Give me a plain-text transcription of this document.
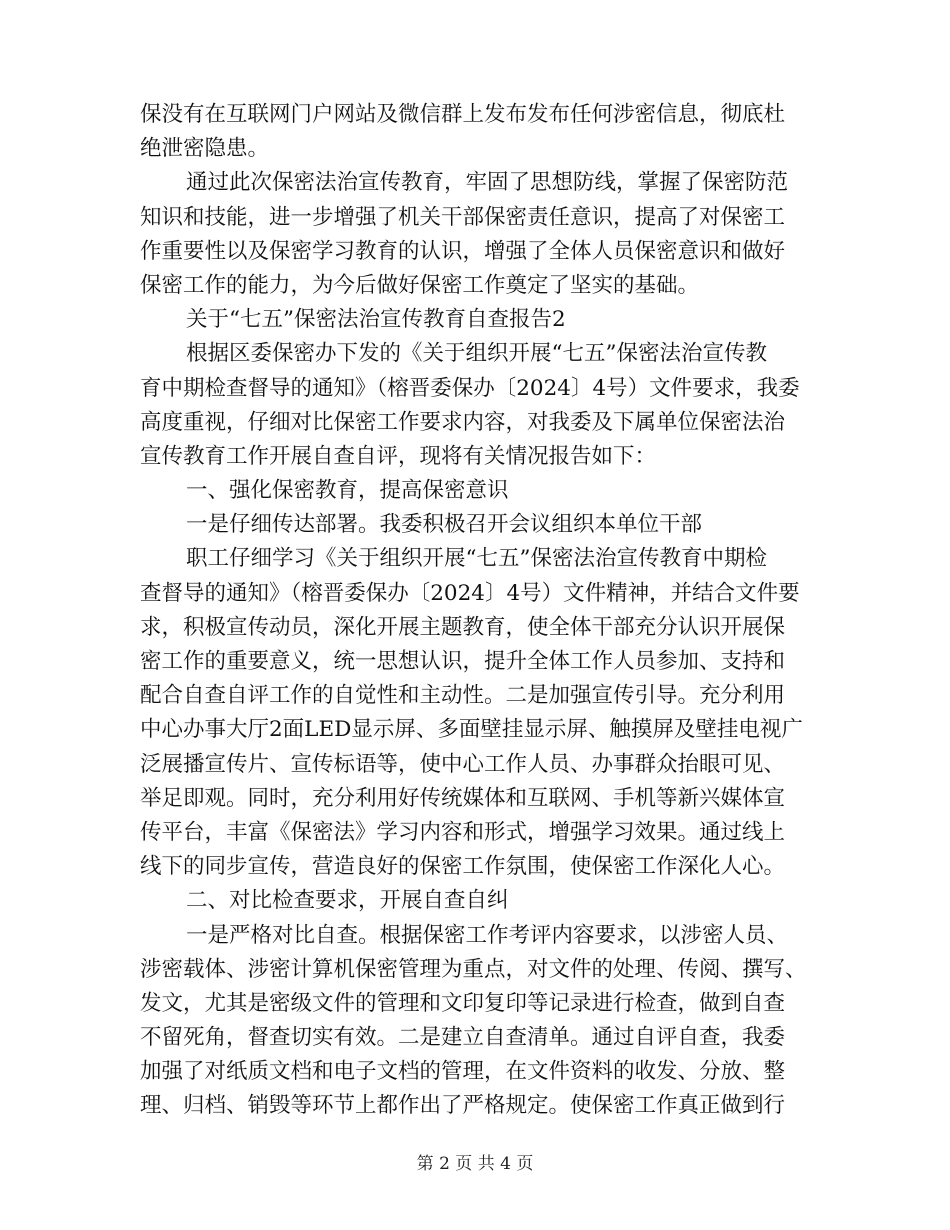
保没有在互联网门户网站及微信群上发布发布任何涉密信息，彻底杜
绝泄密隐患。
通过此次保密法治宣传教育，牢固了思想防线，掌握了保密防范
知识和技能，进一步增强了机关干部保密责任意识，提高了对保密工
作重要性以及保密学习教育的认识，增强了全体人员保密意识和做好
保密工作的能力，为今后做好保密工作奠定了坚实的基础。
关于“七五”保密法治宣传教育自查报告2
根据区委保密办下发的《关于组织开展“七五”保密法治宣传教
育中期检查督导的通知》（榕晋委保办〔2024〕4号）文件要求，我委
高度重视，仔细对比保密工作要求内容，对我委及下属单位保密法治
宣传教育工作开展自查自评，现将有关情况报告如下：
一、强化保密教育，提高保密意识
一是仔细传达部署。我委积极召开会议组织本单位干部
职工仔细学习《关于组织开展“七五”保密法治宣传教育中期检
查督导的通知》（榕晋委保办〔2024〕4号）文件精神，并结合文件要
求，积极宣传动员，深化开展主题教育，使全体干部充分认识开展保
密工作的重要意义，统一思想认识，提升全体工作人员参加、支持和
配合自查自评工作的自觉性和主动性。二是加强宣传引导。充分利用
中心办事大厅2面LED显示屏、多面壁挂显示屏、触摸屏及壁挂电视广
泛展播宣传片、宣传标语等，使中心工作人员、办事群众抬眼可见、
举足即观。同时，充分利用好传统媒体和互联网、手机等新兴媒体宣
传平台，丰富《保密法》学习内容和形式，增强学习效果。通过线上
线下的同步宣传，营造良好的保密工作氛围，使保密工作深化人心。
二、对比检查要求，开展自查自纠
一是严格对比自查。根据保密工作考评内容要求，以涉密人员、
涉密载体、涉密计算机保密管理为重点，对文件的处理、传阅、撰写、
发文，尤其是密级文件的管理和文印复印等记录进行检查，做到自查
不留死角，督查切实有效。二是建立自查清单。通过自评自查，我委
加强了对纸质文档和电子文档的管理，在文件资料的收发、分放、整
理、归档、销毁等环节上都作出了严格规定。使保密工作真正做到行
第 2 页 共 4 页
